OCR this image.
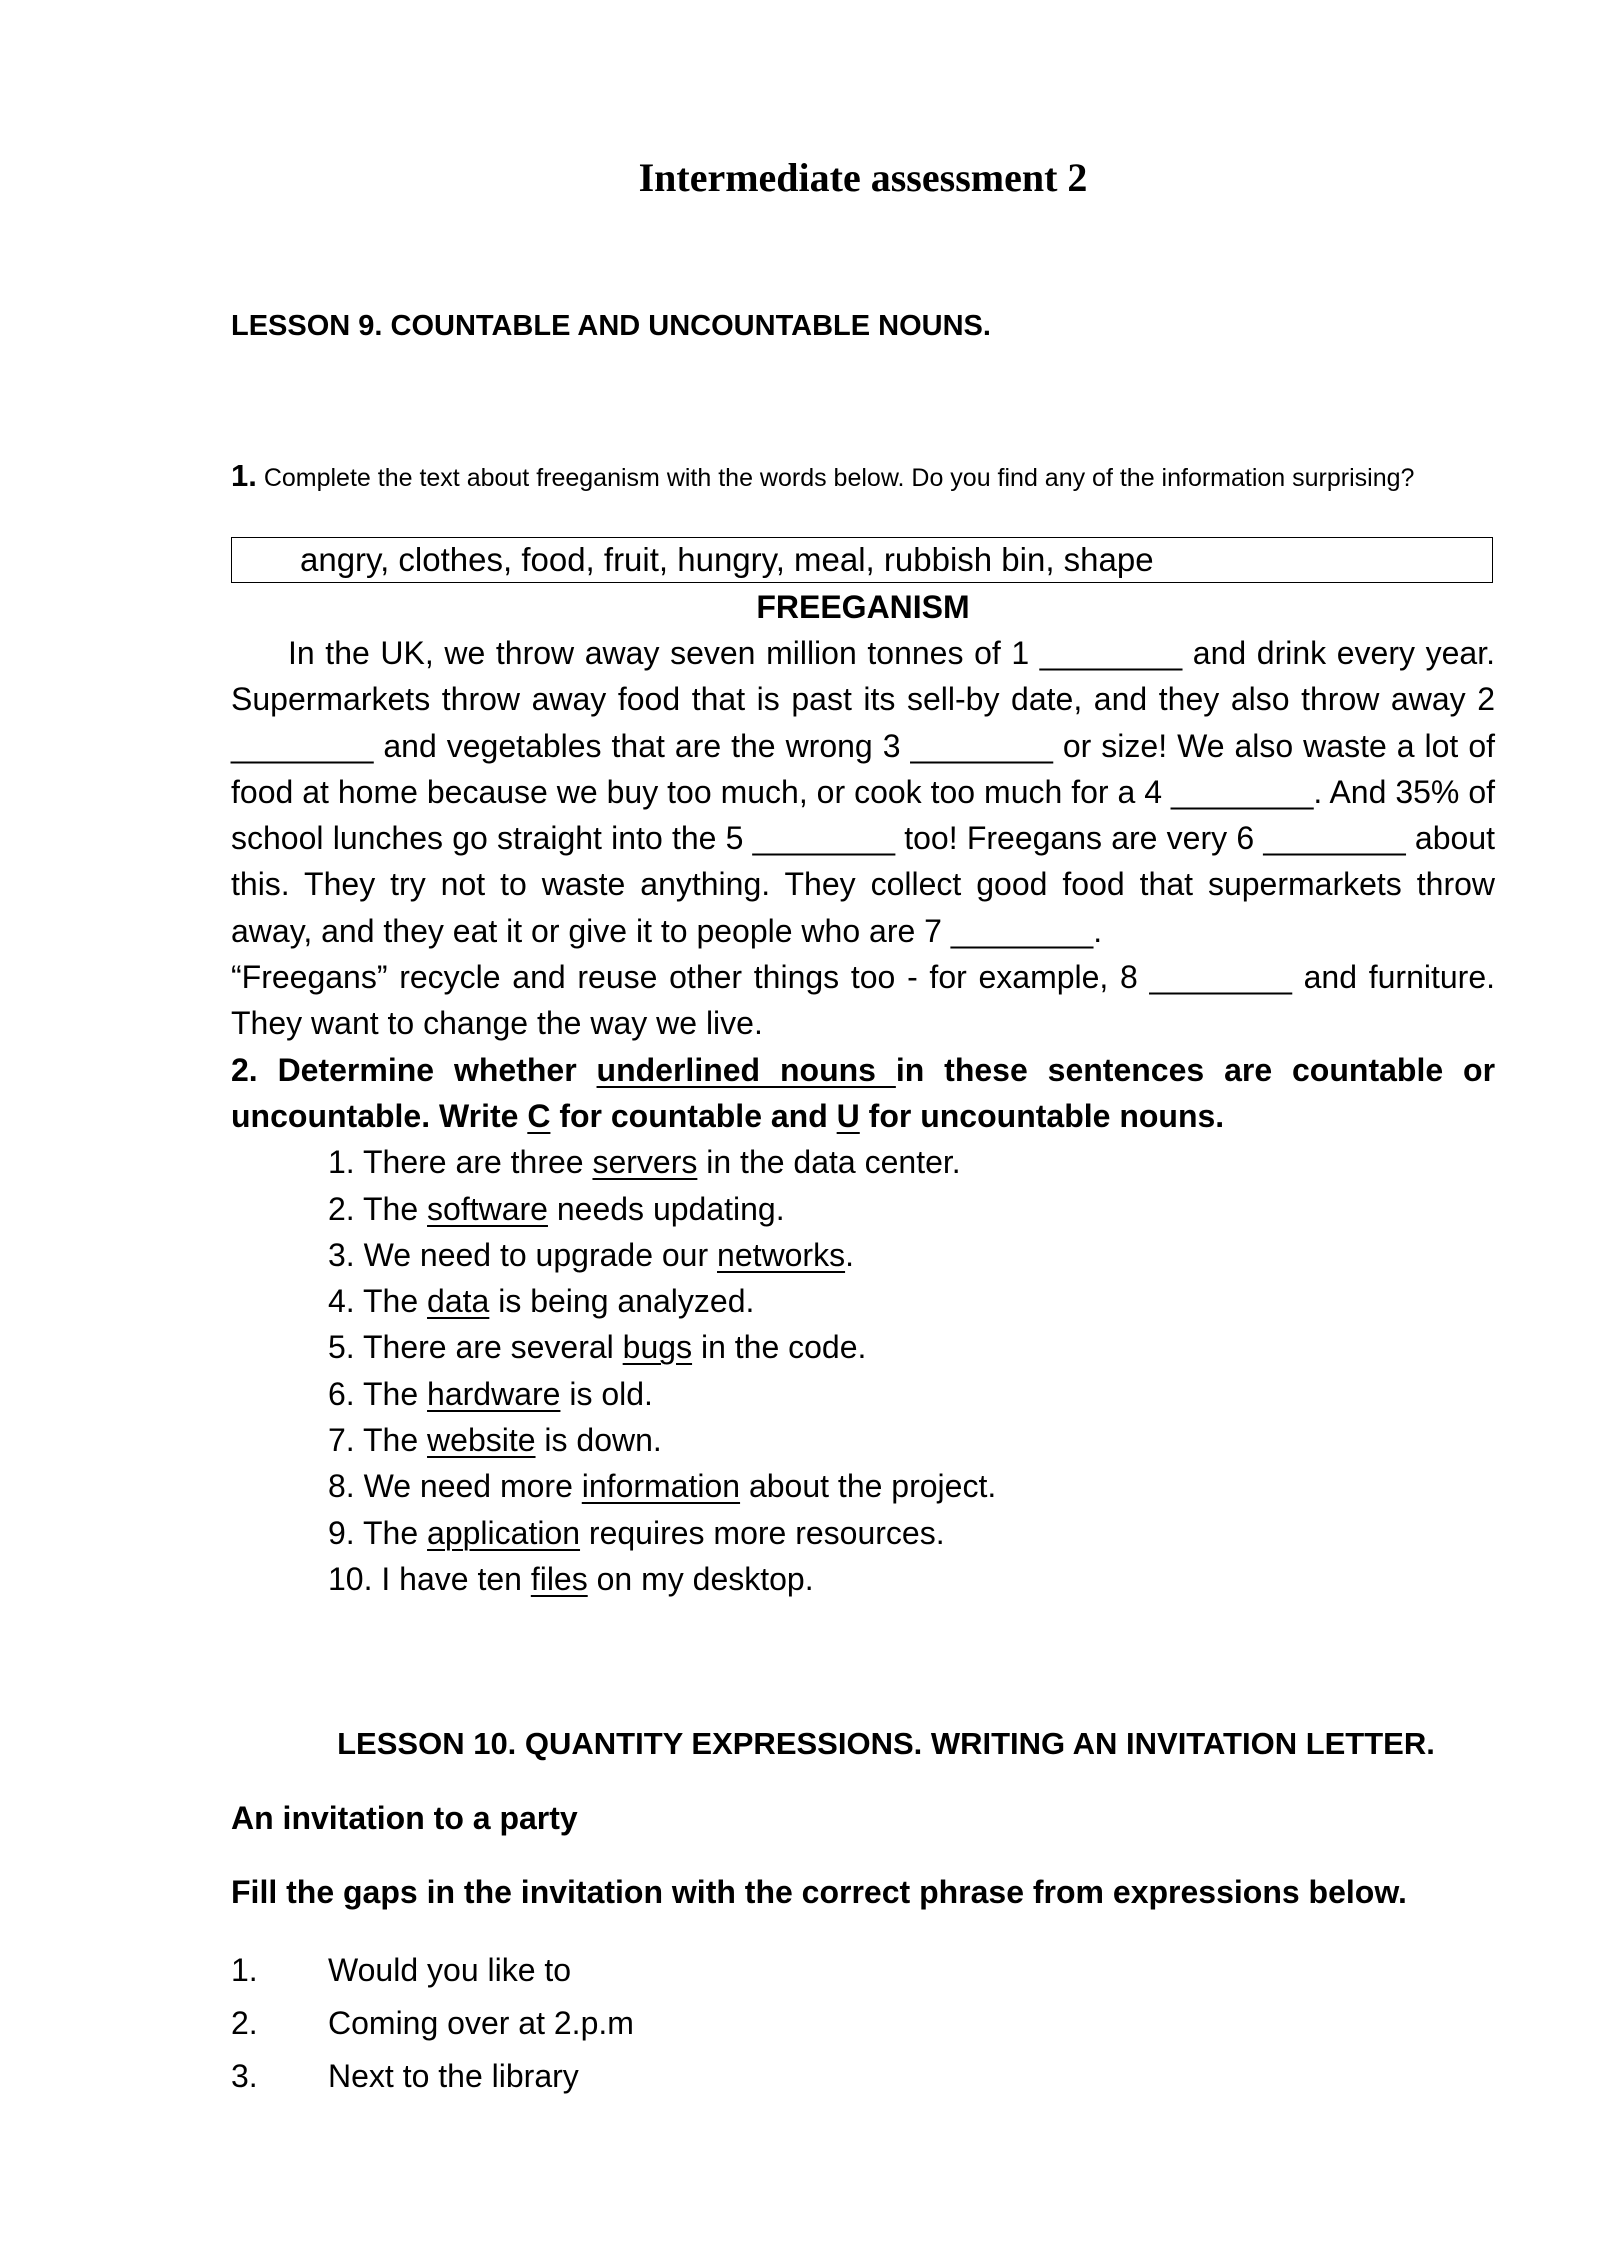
Intermediate assessment 2
LESSON 9. COUNTABLE AND UNCOUNTABLE NOUNS.

1. Complete the text about freeganism with the words below. Do you find any of the information surprising?

angry, clothes, food, fruit, hungry, meal, rubbish bin, shape
FREEGANISM

In the UK, we throw away seven million tonnes of 1 ________ and drink every year. Supermarkets throw away food that is past its sell-by date, and they also throw away 2 ________ and vegetables that are the wrong 3 ________ or size! We also waste a lot of food at home because we buy too much, or cook too much for a 4 ________. And 35% of school lunches go straight into the 5 ________ too! Freegans are very 6 ________ about this. They try not to waste anything. They collect good food that supermarkets throw away, and they eat it or give it to people who are 7 ________.

“Freegans” recycle and reuse other things too - for example, 8 ________ and furniture. They want to change the way we live.

2. Determine whether underlined nouns in these sentences are countable or uncountable. Write C for countable and U for uncountable nouns.

1. There are three servers in the data center.
2. The software needs updating.
3. We need to upgrade our networks.
4. The data is being analyzed.
5. There are several bugs in the code.
6. The hardware is old.
7. The website is down.
8. We need more information about the project.
9. The application requires more resources.
10. I have ten files on my desktop.
LESSON 10. QUANTITY EXPRESSIONS. WRITING AN INVITATION LETTER.
An invitation to a party

Fill the gaps in the invitation with the correct phrase from expressions below.

1. Would you like to
2. Coming over at 2.p.m
3. Next to the library
